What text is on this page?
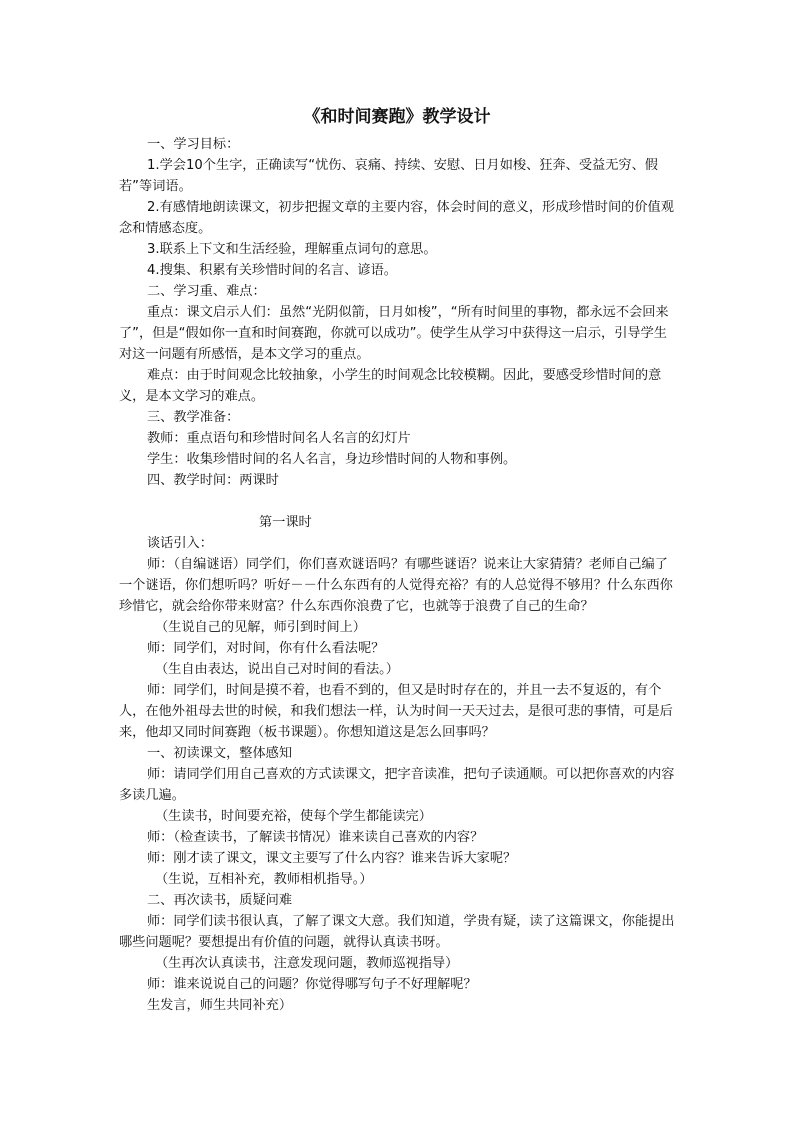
《和时间赛跑》教学设计

一、学习目标：

1.学会10个生字，正确读写“忧伤、哀痛、持续、安慰、日月如梭、狂奔、受益无穷、假若”等词语。

2.有感情地朗读课文，初步把握文章的主要内容，体会时间的意义，形成珍惜时间的价值观念和情感态度。

3.联系上下文和生活经验，理解重点词句的意思。

4.搜集、积累有关珍惜时间的名言、谚语。

二、学习重、难点：

重点：课文启示人们：虽然“光阴似箭，日月如梭”，“所有时间里的事物，都永远不会回来了”，但是“假如你一直和时间赛跑，你就可以成功”。使学生从学习中获得这一启示，引导学生对这一问题有所感悟，是本文学习的重点。

难点：由于时间观念比较抽象，小学生的时间观念比较模糊。因此，要感受珍惜时间的意义，是本文学习的难点。

三、教学准备：

教师：重点语句和珍惜时间名人名言的幻灯片

学生：收集珍惜时间的名人名言，身边珍惜时间的人物和事例。

四、教学时间：两课时

第一课时

谈话引入：

师：（自编谜语）同学们，你们喜欢谜语吗？有哪些谜语？说来让大家猜猜？老师自己编了一个谜语，你们想听吗？听好－－什么东西有的人觉得充裕？有的人总觉得不够用？什么东西你珍惜它，就会给你带来财富？什么东西你浪费了它，也就等于浪费了自己的生命？

（生说自己的见解，师引到时间上）

师：同学们，对时间，你有什么看法呢？

（生自由表达，说出自己对时间的看法。）

师：同学们，时间是摸不着，也看不到的，但又是时时存在的，并且一去不复返的，有个人，在他外祖母去世的时候，和我们想法一样，认为时间一天天过去，是很可悲的事情，可是后来，他却又同时间赛跑（板书课题）。你想知道这是怎么回事吗？

一、初读课文，整体感知

师：请同学们用自己喜欢的方式读课文，把字音读准，把句子读通顺。可以把你喜欢的内容多读几遍。

（生读书，时间要充裕，使每个学生都能读完）

师：（检查读书，了解读书情况）谁来读自己喜欢的内容？

师：刚才读了课文，课文主要写了什么内容？谁来告诉大家呢？

（生说，互相补充，教师相机指导。）

二、再次读书，质疑问难

师：同学们读书很认真，了解了课文大意。我们知道，学贵有疑，读了这篇课文，你能提出哪些问题呢？要想提出有价值的问题，就得认真读书呀。

（生再次认真读书，注意发现问题，教师巡视指导）

师：谁来说说自己的问题？你觉得哪写句子不好理解呢？

生发言，师生共同补充）
